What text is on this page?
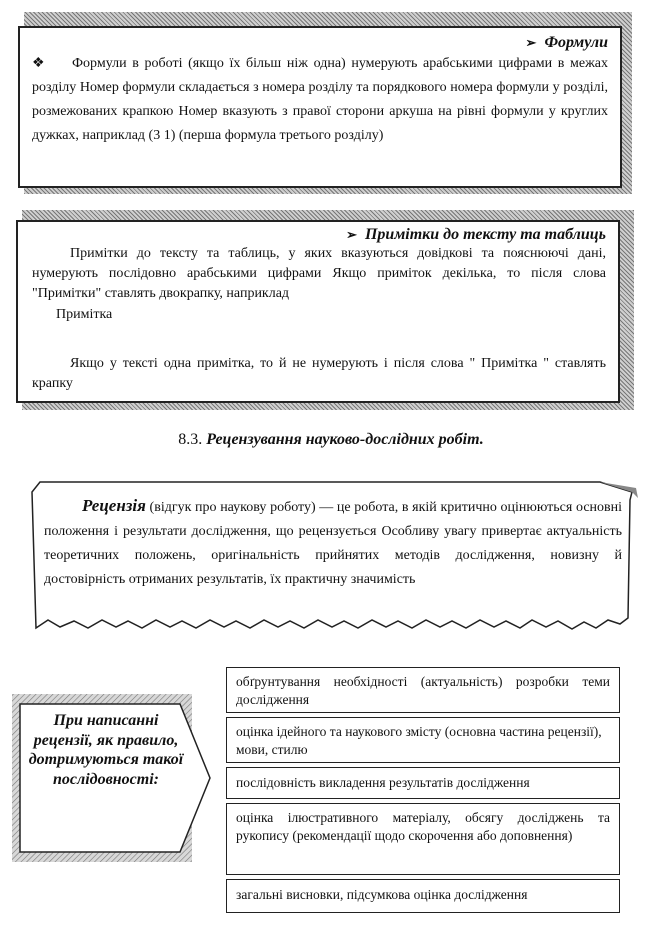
➢ Формули
❖ Формули в роботі (якщо їх більш ніж одна) нумерують арабськими цифрами в межах розділу Номер формули складається з номера розділу та порядкового номера формули у розділі, розмежованих крапкою Номер вказують з правої сторони аркуша на рівні формули у круглих дужках, наприклад (3 1) (перша формула третього розділу)
➢ Примітки до тексту та таблиць
Примітки до тексту та таблиць, у яких вказуються довідкові та пояснюючі дані, нумерують послідовно арабськими цифрами Якщо приміток декілька, то після слова "Примітки" ставлять двокрапку, наприклад
Примітка
Якщо у тексті одна примітка, то й не нумерують і після слова " Примітка " ставлять крапку
8.3. Рецензування науково-дослідних робіт.
Рецензія (відгук про наукову роботу) — це робота, в якій критично оцінюються основні положення і результати дослідження, що рецензується Особливу увагу привертає актуальність теоретичних положень, оригінальність прийнятих методів дослідження, новизну й достовірність отриманих результатів, їх практичну значимість
При написанні рецензії, як правило, дотримуються такої послідовності:
обґрунтування необхідності (актуальність) розробки теми дослідження
оцінка ідейного та наукового змісту (основна частина рецензії), мови, стилю
послідовність викладення результатів дослідження
оцінка ілюстративного матеріалу, обсягу досліджень та рукопису (рекомендації щодо скорочення або доповнення)
загальні висновки, підсумкова оцінка дослідження
